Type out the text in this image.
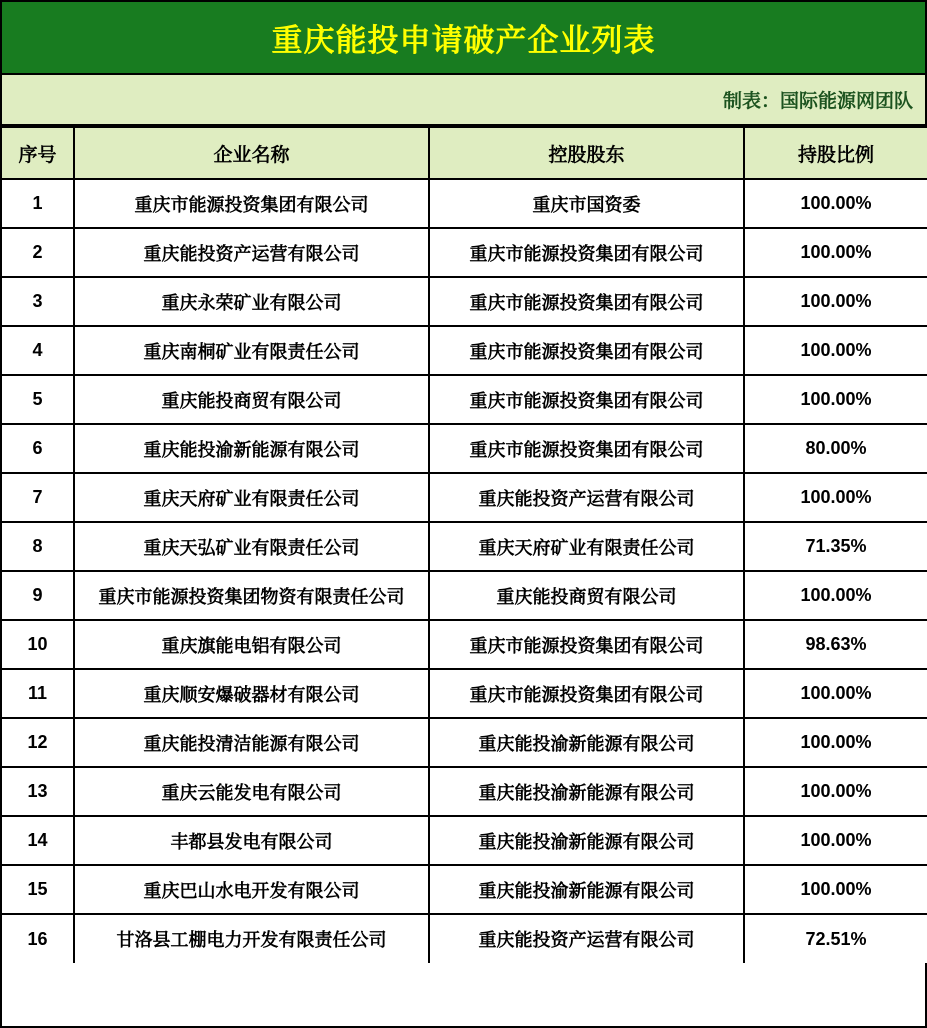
重庆能投申请破产企业列表
制表：国际能源网团队
序号	企业名称	控股股东	持股比例
1	重庆市能源投资集团有限公司	重庆市国资委	100.00%
2	重庆能投资产运营有限公司	重庆市能源投资集团有限公司	100.00%
3	重庆永荣矿业有限公司	重庆市能源投资集团有限公司	100.00%
4	重庆南桐矿业有限责任公司	重庆市能源投资集团有限公司	100.00%
5	重庆能投商贸有限公司	重庆市能源投资集团有限公司	100.00%
6	重庆能投渝新能源有限公司	重庆市能源投资集团有限公司	80.00%
7	重庆天府矿业有限责任公司	重庆能投资产运营有限公司	100.00%
8	重庆天弘矿业有限责任公司	重庆天府矿业有限责任公司	71.35%
9	重庆市能源投资集团物资有限责任公司	重庆能投商贸有限公司	100.00%
10	重庆旗能电铝有限公司	重庆市能源投资集团有限公司	98.63%
11	重庆顺安爆破器材有限公司	重庆市能源投资集团有限公司	100.00%
12	重庆能投清洁能源有限公司	重庆能投渝新能源有限公司	100.00%
13	重庆云能发电有限公司	重庆能投渝新能源有限公司	100.00%
14	丰都县发电有限公司	重庆能投渝新能源有限公司	100.00%
15	重庆巴山水电开发有限公司	重庆能投渝新能源有限公司	100.00%
16	甘洛县工棚电力开发有限责任公司	重庆能投资产运营有限公司	72.51%
